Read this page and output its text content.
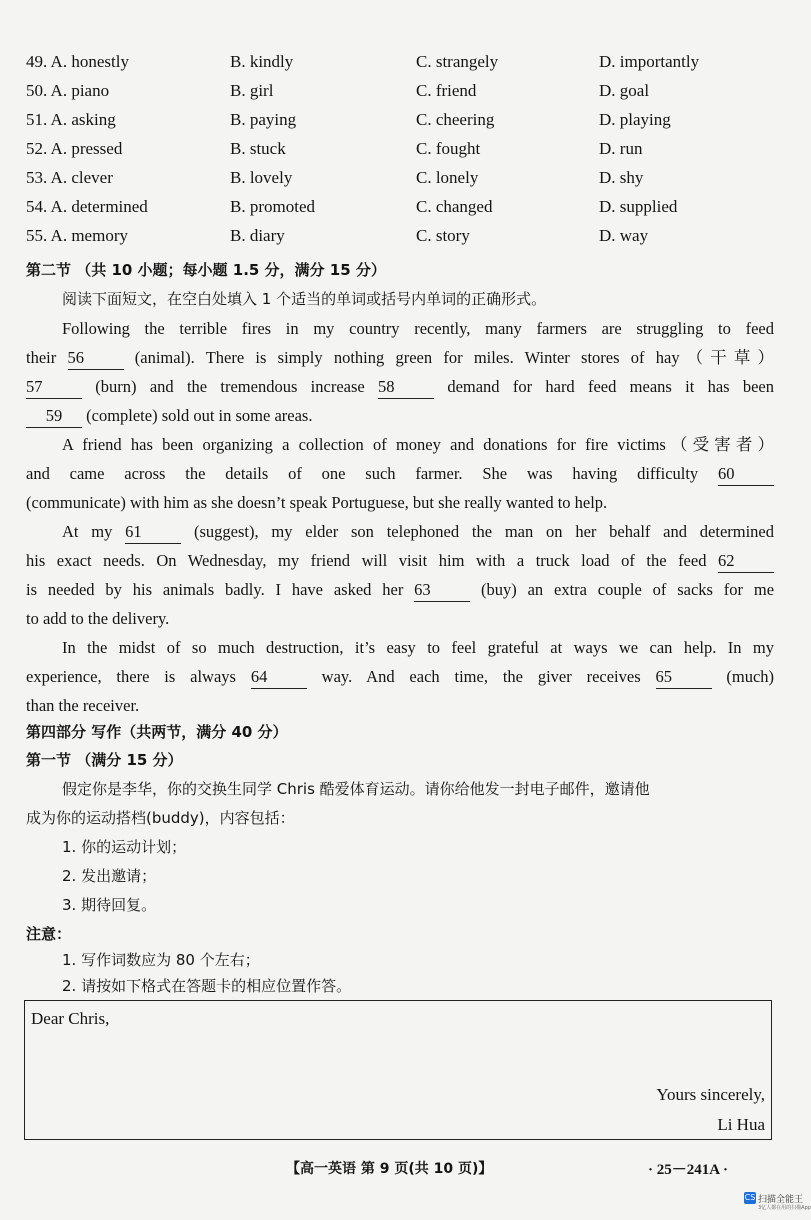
49. A. honestly	B. kindly	C. strangely	D. importantly
50. A. piano	B. girl	C. friend	D. goal
51. A. asking	B. paying	C. cheering	D. playing
52. A. pressed	B. stuck	C. fought	D. run
53. A. clever	B. lovely	C. lonely	D. shy
54. A. determined	B. promoted	C. changed	D. supplied
55. A. memory	B. diary	C. story	D. way
第二节 （共 10 小题；每小题 1.5 分，满分 15 分）
阅读下面短文，在空白处填入 1 个适当的单词或括号内单词的正确形式。
Following the terrible fires in my country recently, many farmers are struggling to feed
their 56	(animal). There is simply nothing green for miles. Winter stores of hay（干草）
57	(burn) and the tremendous increase 58	demand for hard feed means it has been
59 (complete) sold out in some areas.
A friend has been organizing a collection of money and donations for fire victims（受害者）
and came across the details of one such farmer. She was having difficulty 60
(communicate) with him as she doesn’t speak Portuguese, but she really wanted to help.
At my 61	(suggest), my elder son telephoned the man on her behalf and determined
his exact needs. On Wednesday, my friend will visit him with a truck load of the feed 62
is needed by his animals badly. I have asked her 63	(buy) an extra couple of sacks for me
to add to the delivery.
In the midst of so much destruction, it’s easy to feel grateful at ways we can help. In my
experience, there is always 64	way. And each time, the giver receives 65	(much)
than the receiver.
第四部分 写作（共两节，满分 40 分）
第一节 （满分 15 分）
假定你是李华，你的交换生同学 Chris 酷爱体育运动。请你给他发一封电子邮件，邀请他
成为你的运动搭档(buddy)，内容包括：
1. 你的运动计划；
2. 发出邀请；
3. 期待回复。
注意：
1. 写作词数应为 80 个左右；
2. 请按如下格式在答题卡的相应位置作答。
Dear Chris,
Yours sincerely,
Li Hua
【高一英语 第 9 页(共 10 页)】	· 25－241A ·
CS 扫描全能王
3亿人都在用的扫描App
